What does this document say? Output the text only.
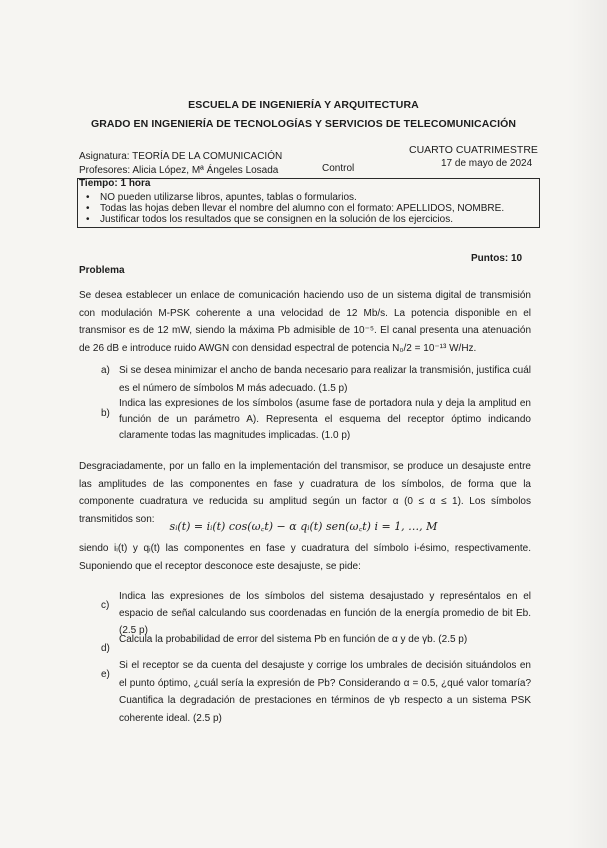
ESCUELA DE INGENIERÍA Y ARQUITECTURA
GRADO EN INGENIERÍA DE TECNOLOGÍAS Y SERVICIOS DE TELECOMUNICACIÓN
Asignatura: TEORÍA DE LA COMUNICACIÓN
CUARTO CUATRIMESTRE
17 de mayo de 2024
Profesores: Alicia López, Mª Ángeles Losada	Control
Tiempo: 1 hora
• NO pueden utilizarse libros, apuntes, tablas o formularios.
• Todas las hojas deben llevar el nombre del alumno con el formato: APELLIDOS, NOMBRE.
• Justificar todos los resultados que se consignen en la solución de los ejercicios.
Puntos: 10
Problema
Se desea establecer un enlace de comunicación haciendo uso de un sistema digital de transmisión con modulación M-PSK coherente a una velocidad de 12 Mb/s. La potencia disponible en el transmisor es de 12 mW, siendo la máxima Pb admisible de 10⁻⁵. El canal presenta una atenuación de 26 dB e introduce ruido AWGN con densidad espectral de potencia N₀/2 = 10⁻¹³ W/Hz.
a) Si se desea minimizar el ancho de banda necesario para realizar la transmisión, justifica cuál es el número de símbolos M más adecuado. (1.5 p)
b)
Indica las expresiones de los símbolos (asume fase de portadora nula y deja la amplitud en función de un parámetro A). Representa el esquema del receptor óptimo indicando claramente todas las magnitudes implicadas. (1.0 p)
Desgraciadamente, por un fallo en la implementación del transmisor, se produce un desajuste entre las amplitudes de las componentes en fase y cuadratura de los símbolos, de forma que la componente cuadratura ve reducida su amplitud según un factor α (0 ≤ α ≤ 1). Los símbolos transmitidos son:
sᵢ(t) = iᵢ(t) cos(ω꜀t) − α qᵢ(t) sen(ω꜀t) i = 1, …, M
siendo iᵢ(t) y qᵢ(t) las componentes en fase y cuadratura del símbolo i-ésimo, respectivamente. Suponiendo que el receptor desconoce este desajuste, se pide:
c)
Indica las expresiones de los símbolos del sistema desajustado y represéntalos en el espacio de señal calculando sus coordenadas en función de la energía promedio de bit Eb. (2.5 p)
d)
Calcula la probabilidad de error del sistema Pb en función de α y de γb. (2.5 p)
e)
Si el receptor se da cuenta del desajuste y corrige los umbrales de decisión situándolos en el punto óptimo, ¿cuál sería la expresión de Pb? Considerando α = 0.5, ¿qué valor tomaría? Cuantifica la degradación de prestaciones en términos de γb respecto a un sistema PSK coherente ideal. (2.5 p)
